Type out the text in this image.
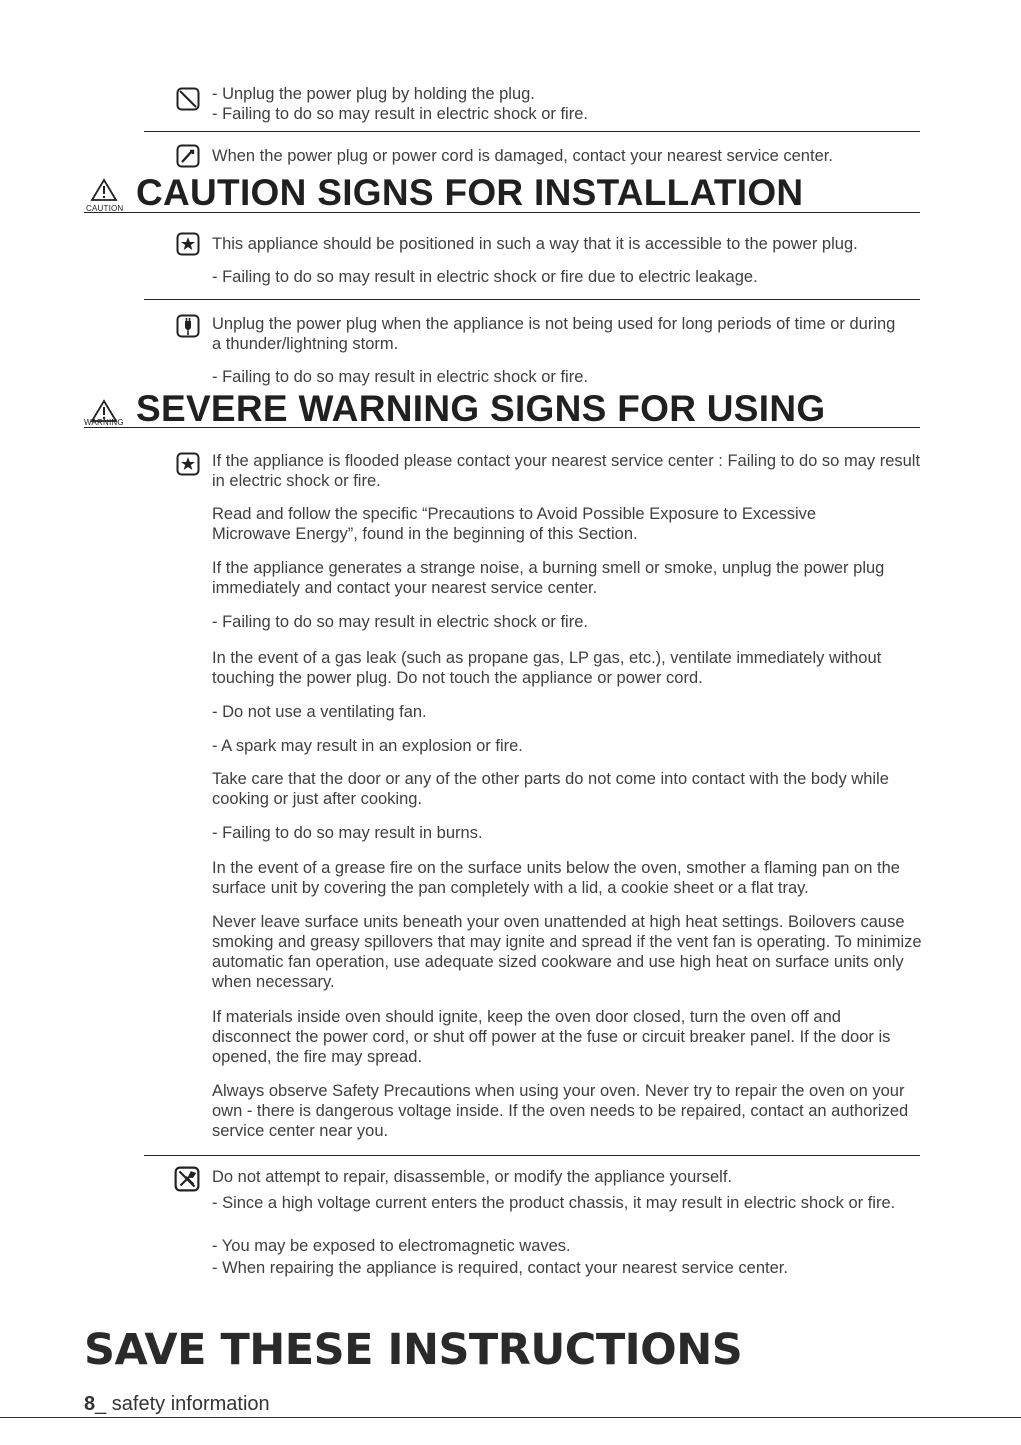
- Unplug the power plug by holding the plug.

- Failing to do so may result in electric shock or fire.

When the power plug or power cord is damaged, contact your nearest service center.

CAUTION CAUTION SIGNS FOR INSTALLATION

This appliance should be positioned in such a way that it is accessible to the power plug.

- Failing to do so may result in electric shock or fire due to electric leakage.

Unplug the power plug when the appliance is not being used for long periods of time or during a thunder/lightning storm.

- Failing to do so may result in electric shock or fire.

WARNING SEVERE WARNING SIGNS FOR USING

If the appliance is flooded please contact your nearest service center : Failing to do so may result in electric shock or fire.

Read and follow the specific “Precautions to Avoid Possible Exposure to Excessive Microwave Energy”, found in the beginning of this Section.

If the appliance generates a strange noise, a burning smell or smoke, unplug the power plug immediately and contact your nearest service center.

- Failing to do so may result in electric shock or fire.

In the event of a gas leak (such as propane gas, LP gas, etc.), ventilate immediately without touching the power plug. Do not touch the appliance or power cord.

- Do not use a ventilating fan.

- A spark may result in an explosion or fire.

Take care that the door or any of the other parts do not come into contact with the body while cooking or just after cooking.

- Failing to do so may result in burns.

In the event of a grease fire on the surface units below the oven, smother a flaming pan on the surface unit by covering the pan completely with a lid, a cookie sheet or a flat tray.

Never leave surface units beneath your oven unattended at high heat settings. Boilovers cause smoking and greasy spillovers that may ignite and spread if the vent fan is operating. To minimize automatic fan operation, use adequate sized cookware and use high heat on surface units only when necessary.

If materials inside oven should ignite, keep the oven door closed, turn the oven off and disconnect the power cord, or shut off power at the fuse or circuit breaker panel. If the door is opened, the fire may spread.

Always observe Safety Precautions when using your oven. Never try to repair the oven on your own - there is dangerous voltage inside. If the oven needs to be repaired, contact an authorized service center near you.

Do not attempt to repair, disassemble, or modify the appliance yourself.

- Since a high voltage current enters the product chassis, it may result in electric shock or fire.

- You may be exposed to electromagnetic waves.

- When repairing the appliance is required, contact your nearest service center.

SAVE THESE INSTRUCTIONS

8_ safety information
